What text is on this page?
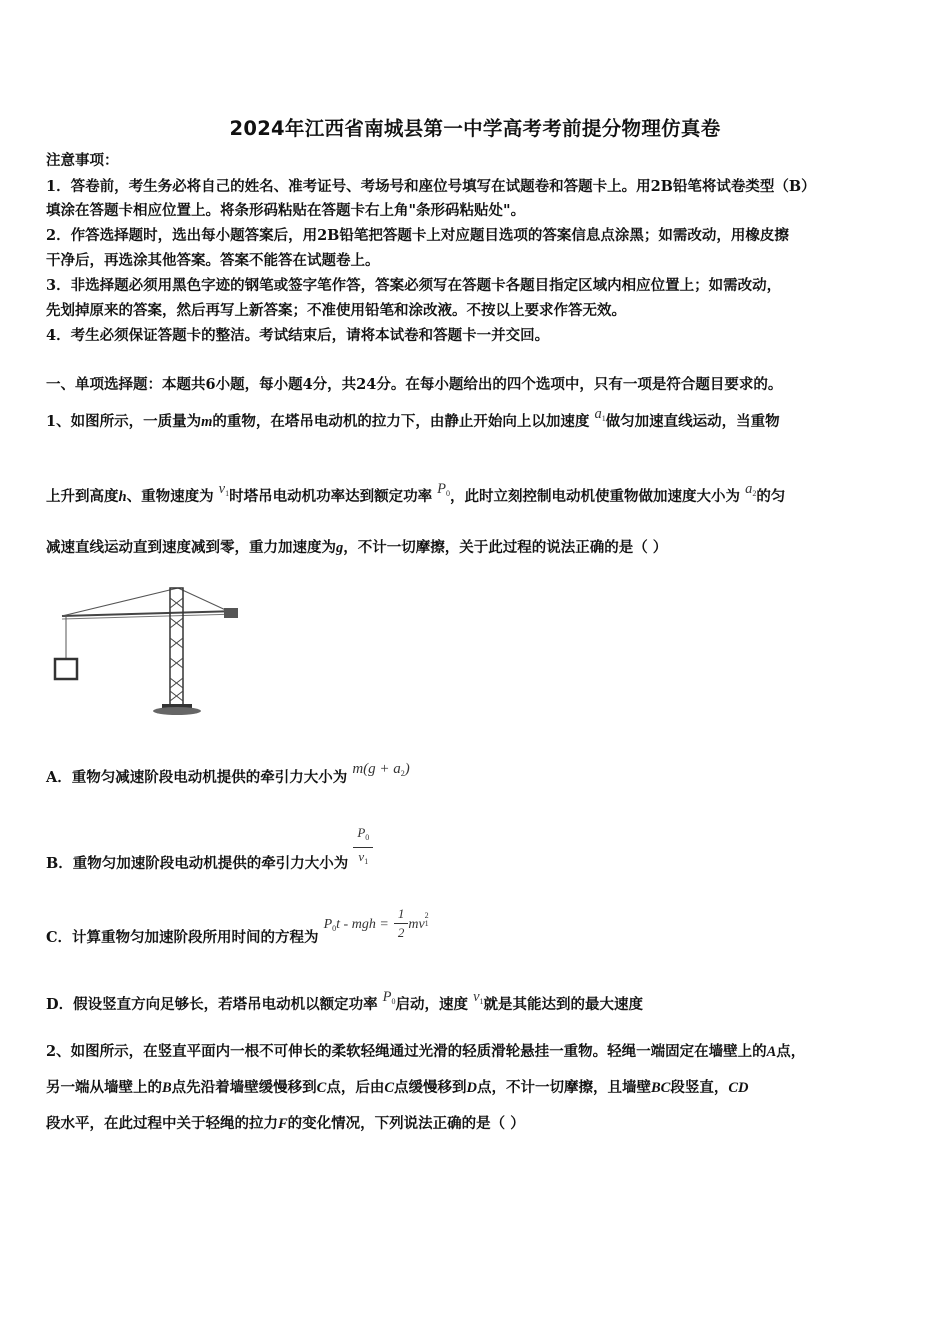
2024年江西省南城县第一中学高考考前提分物理仿真卷
注意事项：
1．答卷前，考生务必将自己的姓名、准考证号、考场号和座位号填写在试题卷和答题卡上。用2B铅笔将试卷类型（B）
填涂在答题卡相应位置上。将条形码粘贴在答题卡右上角"条形码粘贴处"。
2．作答选择题时，选出每小题答案后，用2B铅笔把答题卡上对应题目选项的答案信息点涂黑；如需改动，用橡皮擦
干净后，再选涂其他答案。答案不能答在试题卷上。
3．非选择题必须用黑色字迹的钢笔或签字笔作答，答案必须写在答题卡各题目指定区域内相应位置上；如需改动，
先划掉原来的答案，然后再写上新答案；不准使用铅笔和涂改液。不按以上要求作答无效。
4．考生必须保证答题卡的整洁。考试结束后，请将本试卷和答题卡一并交回。
一、单项选择题：本题共6小题，每小题4分，共24分。在每小题给出的四个选项中，只有一项是符合题目要求的。
1、如图所示，一质量为m的重物，在塔吊电动机的拉力下，由静止开始向上以加速度 $a_1$做匀加速直线运动，当重物
上升到高度h、重物速度为 $v_1$时塔吊电动机功率达到额定功率 $P_0$，此时立刻控制电动机使重物做加速度大小为 $a_2$的匀
减速直线运动直到速度减到零，重力加速度为g，不计一切摩擦，关于此过程的说法正确的是（ ）
A．重物匀减速阶段电动机提供的牵引力大小为 $m(g + a_2)$
B．重物匀加速阶段电动机提供的牵引力大小为 $\frac{P_0}{v_1}$
C．计算重物匀加速阶段所用时间的方程为 $P_0t$ - mgh = $\frac{1}{2}$ mv
2
1
D．假设竖直方向足够长，若塔吊电动机以额定功率 $P_0$启动，速度 $v_1$就是其能达到的最大速度
2、如图所示，在竖直平面内一根不可伸长的柔软轻绳通过光滑的轻质滑轮悬挂一重物。轻绳一端固定在墙壁上的A点，
另一端从墙壁上的B点先沿着墙壁缓慢移到C点，后由C点缓慢移到D点，不计一切摩擦，且墙壁BC段竖直，CD
段水平，在此过程中关于轻绳的拉力F的变化情况，下列说法正确的是（ ）
